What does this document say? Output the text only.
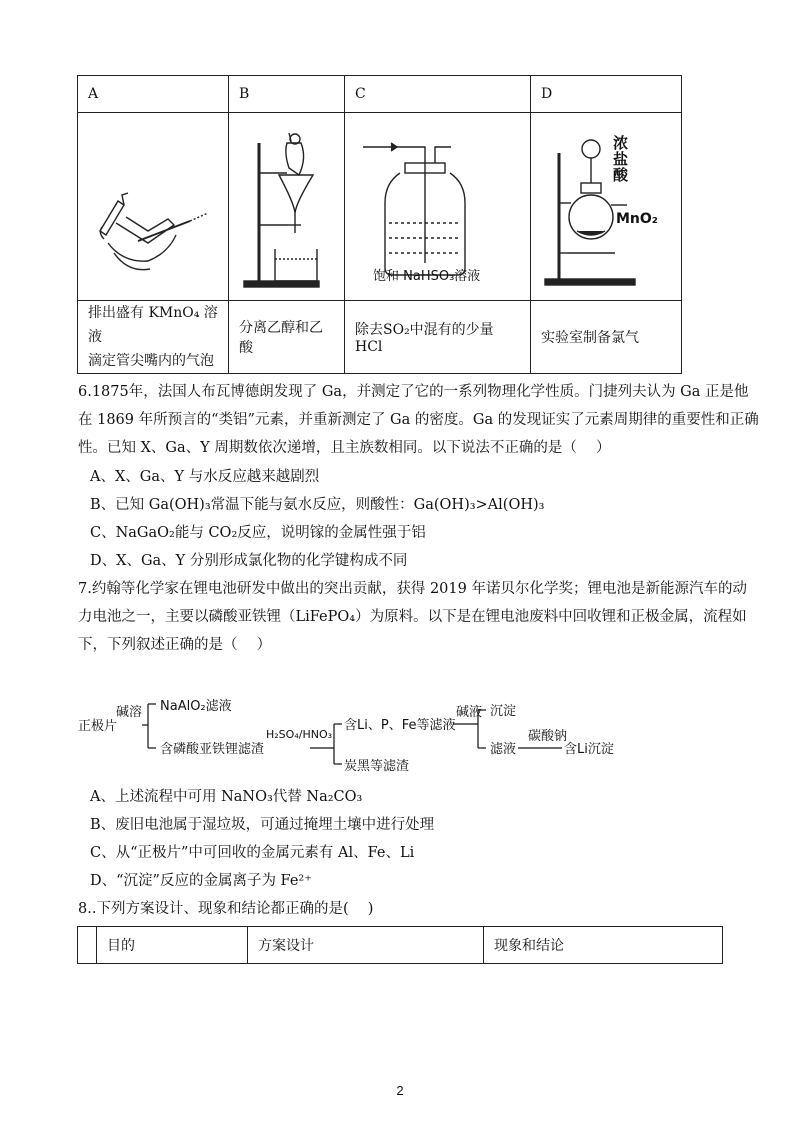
A	B	C	D

饱和 NaHSO₃溶液	浓
盐
酸
MnO₂

排出盛有 KMnO₄ 溶液
滴定管尖嘴内的气泡	分离乙醇和乙酸	除去SO₂中混有的少量HCl	实验室制备氯气
6.1875年，法国人布瓦博德朗发现了 Ga，并测定了它的一系列物理化学性质。门捷列夫认为 Ga 正是他
在 1869 年所预言的“类铝”元素，并重新测定了 Ga 的密度。Ga 的发现证实了元素周期律的重要性和正确
性。已知 X、Ga、Y 周期数依次递增，且主族数相同。以下说法不正确的是（　 ）
A、X、Ga、Y 与水反应越来越剧烈
B、已知 Ga(OH)₃常温下能与氨水反应，则酸性：Ga(OH)₃>Al(OH)₃
C、NaGaO₂能与 CO₂反应，说明镓的金属性强于铝
D、X、Ga、Y 分别形成氯化物的化学键构成不同
7.约翰等化学家在锂电池研发中做出的突出贡献，获得 2019 年诺贝尔化学奖；锂电池是新能源汽车的动
力电池之一，主要以磷酸亚铁锂（LiFePO₄）为原料。以下是在锂电池废料中回收锂和正极金属，流程如
下，下列叙述正确的是（　 ）
正极片
碱溶 NaAlO₂滤液
含磷酸亚铁锂滤渣
H₂SO₄/HNO₃
含Li、P、Fe等滤液
炭黑等滤渣
碱液 沉淀
滤液
碳酸钠
含Li沉淀
A、上述流程中可用 NaNO₃代替 Na₂CO₃
B、废旧电池属于湿垃圾，可通过掩埋土壤中进行处理
C、从“正极片”中可回收的金属元素有 Al、Fe、Li
D、“沉淀”反应的金属离子为 Fe²⁺
8..下列方案设计、现象和结论都正确的是(　 )
	目的	方案设计	现象和结论
2
